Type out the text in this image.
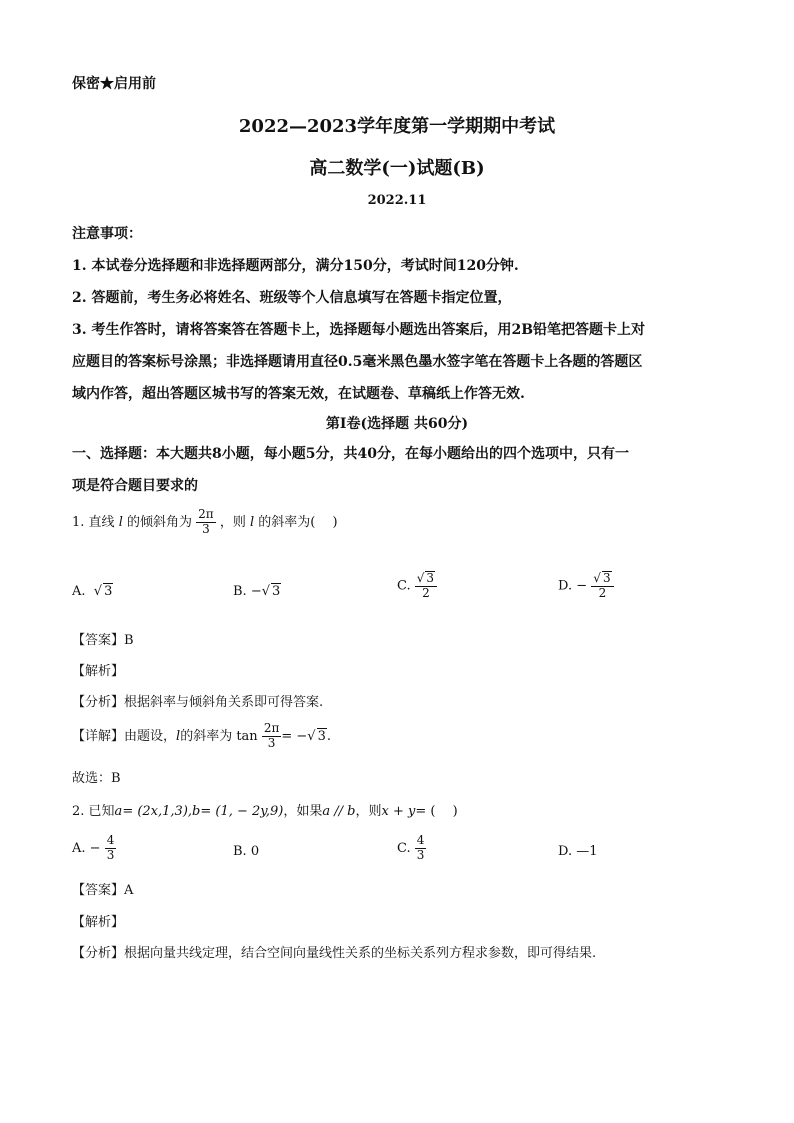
保密★启用前
2022—2023学年度第一学期期中考试
高二数学(一)试题(B)
2022.11
注意事项：
1. 本试卷分选择题和非选择题两部分，满分150分，考试时间120分钟.
2. 答题前，考生务必将姓名、班级等个人信息填写在答题卡指定位置，
3. 考生作答时，请将答案答在答题卡上，选择题每小题选出答案后，用2B铅笔把答题卡上对
应题目的答案标号涂黑；非选择题请用直径0.5毫米黑色墨水签字笔在答题卡上各题的答题区
域内作答，超出答题区城书写的答案无效，在试题卷、草稿纸上作答无效.
第I卷(选择题 共60分)
一、选择题：本大题共8小题，每小题5分，共40分，在每小题给出的四个选项中，只有一
项是符合题目要求的
1. 直线 l 的倾斜角为 $\frac{2\pi}{3}$ ，则 l 的斜率为(　 )
A.  √ 3	B. −√ 3	C. $\frac{√ 3}{2}$	D. − $\frac{√ 3}{2}$
【答案】B
【解析】
【分析】根据斜率与倾斜角关系即可得答案.
【详解】由题设，l的斜率为 $\tan \frac{2\pi}{3}$ = −√ 3.
故选：B
2. 已知a= (2x,1,3),b= (1, − 2y,9)，如果a // b，则x + y= (　 )
A. − $\frac{4}{3}$	B. 0	C. $\frac{4}{3}$	D. —1
【答案】A
【解析】
【分析】根据向量共线定理，结合空间向量线性关系的坐标关系列方程求参数，即可得结果.
